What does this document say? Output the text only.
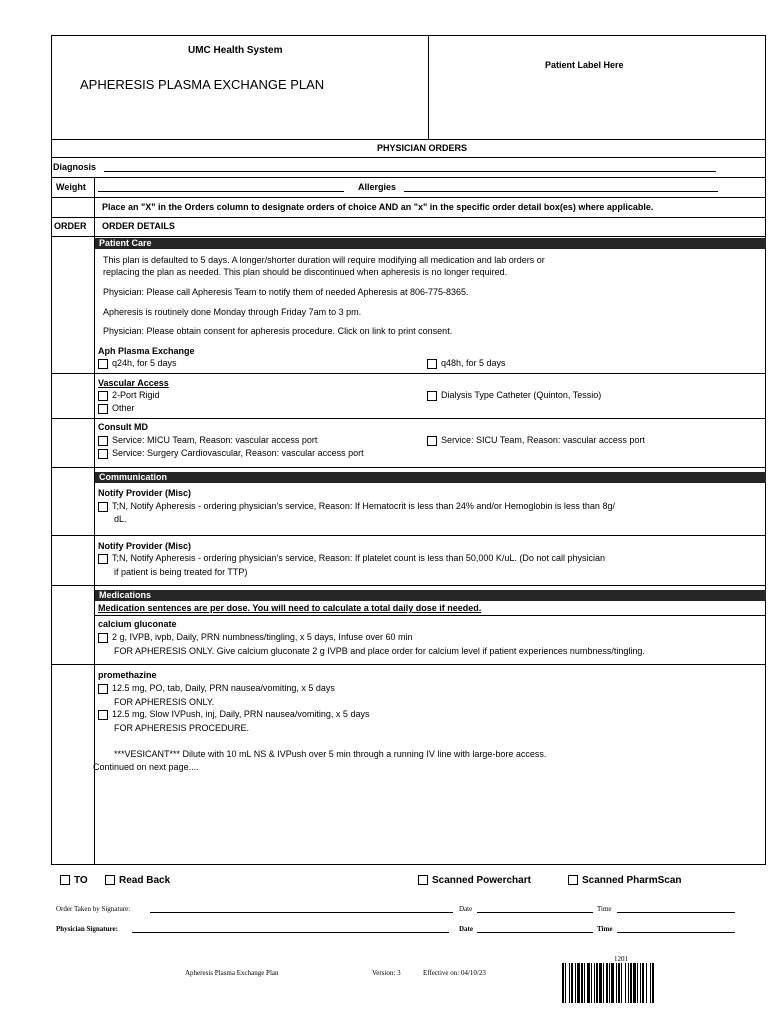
UMC Health System
APHERESIS PLASMA EXCHANGE PLAN
Patient Label Here
PHYSICIAN ORDERS
Diagnosis
Weight	Allergies
Place an "X" in the Orders column to designate orders of choice AND an "x" in the specific order detail box(es) where applicable.
ORDER ORDER DETAILS
Patient Care
This plan is defaulted to 5 days. A longer/shorter duration will require modifying all medication and lab orders or
replacing the plan as needed. This plan should be discontinued when apheresis is no longer required.
Physician: Please call Apheresis Team to notify them of needed Apheresis at 806-775-8365.
Apheresis is routinely done Monday through Friday 7am to 3 pm.
Physician: Please obtain consent for apheresis procedure. Click on link to print consent.
Aph Plasma Exchange
q24h, for 5 days	q48h, for 5 days
Vascular Access
2-Port Rigid
Other
Dialysis Type Catheter (Quinton, Tessio)
Consult MD
Service: MICU Team, Reason: vascular access port
Service: Surgery Cardiovascular, Reason: vascular access port
Service: SICU Team, Reason: vascular access port
Communication
Notify Provider (Misc)
T;N, Notify Apheresis - ordering physician's service, Reason: If Hematocrit is less than 24% and/or Hemoglobin is less than 8g/
dL.
Notify Provider (Misc)
T;N, Notify Apheresis - ordering physician's service, Reason: If platelet count is less than 50,000 K/uL. (Do not call physician
if patient is being treated for TTP)
Medications
Medication sentences are per dose. You will need to calculate a total daily dose if needed.
calcium gluconate
2 g, IVPB, ivpb, Daily, PRN numbness/tingling, x 5 days, Infuse over 60 min
FOR APHERESIS ONLY. Give calcium gluconate 2 g IVPB and place order for calcium level if patient experiences numbness/tingling.
promethazine
12.5 mg, PO, tab, Daily, PRN nausea/vomiting, x 5 days
FOR APHERESIS ONLY.
12.5 mg, Slow IVPush, inj, Daily, PRN nausea/vomiting, x 5 days
FOR APHERESIS PROCEDURE.
***VESICANT*** Dilute with 10 mL NS & IVPush over 5 min through a running IV line with large-bore access.
Continued on next page....
TO	Read Back	Scanned Powerchart	Scanned PharmScan
Order Taken by Signature:	Date	Time
Physician Signature:	Date	Time
Apheresis Plasma Exchange Plan	Version: 3	Effective on: 04/10/23
1201
